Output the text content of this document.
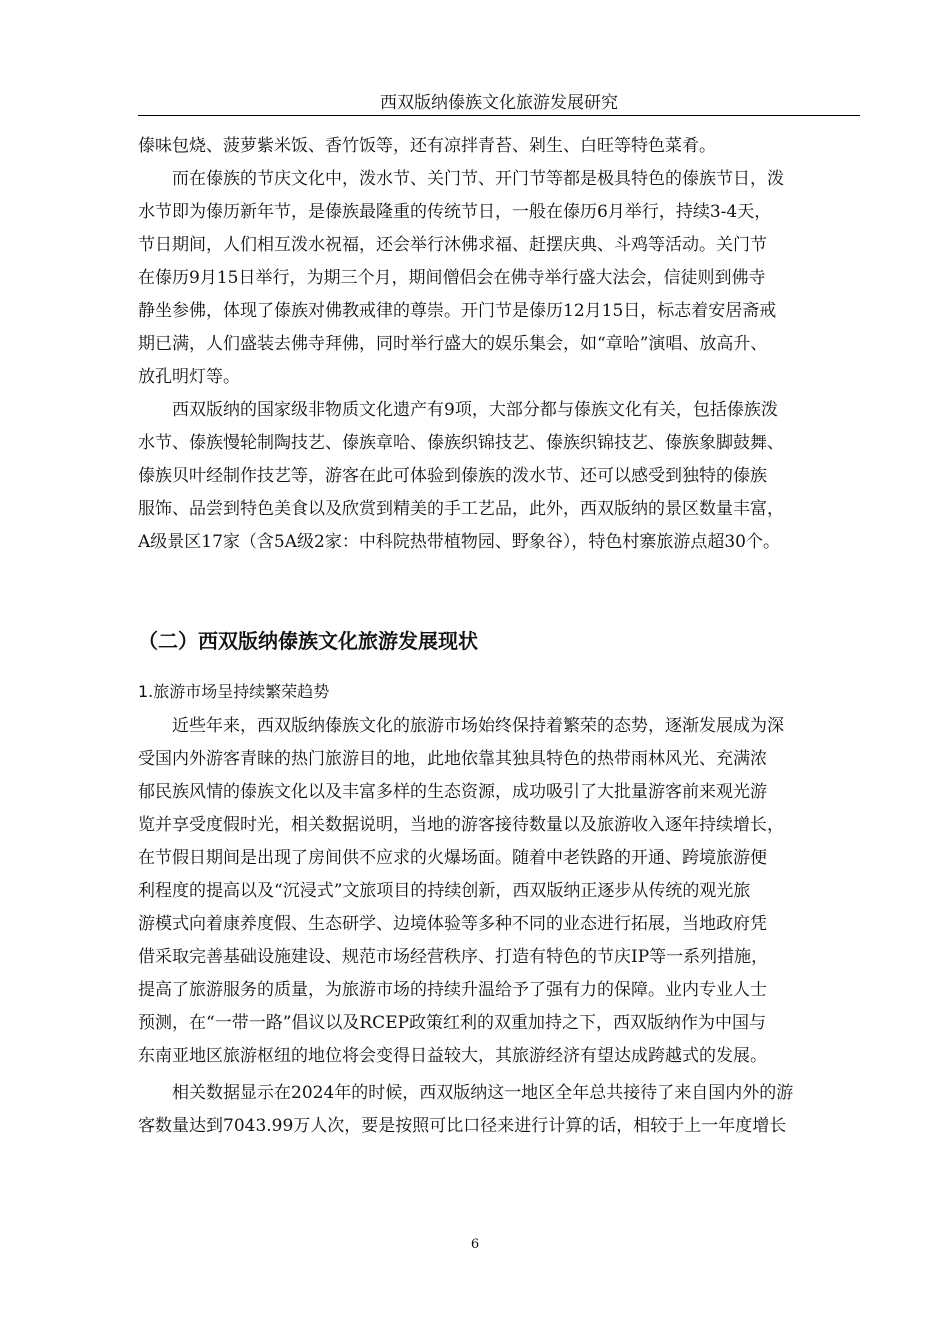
西双版纳傣族文化旅游发展研究
傣味包烧、菠萝紫米饭、香竹饭等，还有凉拌青苔、剁生、白旺等特色菜肴。
而在傣族的节庆文化中，泼水节、关门节、开门节等都是极具特色的傣族节日，泼
水节即为傣历新年节，是傣族最隆重的传统节日，一般在傣历6月举行，持续3-4天，
节日期间，人们相互泼水祝福，还会举行沐佛求福、赶摆庆典、斗鸡等活动。关门节
在傣历9月15日举行，为期三个月，期间僧侣会在佛寺举行盛大法会，信徒则到佛寺
静坐参佛，体现了傣族对佛教戒律的尊崇。开门节是傣历12月15日，标志着安居斋戒
期已满，人们盛装去佛寺拜佛，同时举行盛大的娱乐集会，如“章哈”演唱、放高升、
放孔明灯等。
西双版纳的国家级非物质文化遗产有9项，大部分都与傣族文化有关，包括傣族泼
水节、傣族慢轮制陶技艺、傣族章哈、傣族织锦技艺、傣族织锦技艺、傣族象脚鼓舞、
傣族贝叶经制作技艺等，游客在此可体验到傣族的泼水节、还可以感受到独特的傣族
服饰、品尝到特色美食以及欣赏到精美的手工艺品，此外，西双版纳的景区数量丰富，
A级景区17家（含5A级2家：中科院热带植物园、野象谷），特色村寨旅游点超30个。
（二）西双版纳傣族文化旅游发展现状
1.旅游市场呈持续繁荣趋势
近些年来，西双版纳傣族文化的旅游市场始终保持着繁荣的态势，逐渐发展成为深
受国内外游客青睐的热门旅游目的地，此地依靠其独具特色的热带雨林风光、充满浓
郁民族风情的傣族文化以及丰富多样的生态资源，成功吸引了大批量游客前来观光游
览并享受度假时光，相关数据说明，当地的游客接待数量以及旅游收入逐年持续增长，
在节假日期间是出现了房间供不应求的火爆场面。随着中老铁路的开通、跨境旅游便
利程度的提高以及“沉浸式”文旅项目的持续创新，西双版纳正逐步从传统的观光旅
游模式向着康养度假、生态研学、边境体验等多种不同的业态进行拓展，当地政府凭
借采取完善基础设施建设、规范市场经营秩序、打造有特色的节庆IP等一系列措施，
提高了旅游服务的质量，为旅游市场的持续升温给予了强有力的保障。业内专业人士
预测，在“一带一路”倡议以及RCEP政策红利的双重加持之下，西双版纳作为中国与
东南亚地区旅游枢纽的地位将会变得日益较大，其旅游经济有望达成跨越式的发展。
相关数据显示在2024年的时候，西双版纳这一地区全年总共接待了来自国内外的游
客数量达到7043.99万人次，要是按照可比口径来进行计算的话，相较于上一年度增长
6
